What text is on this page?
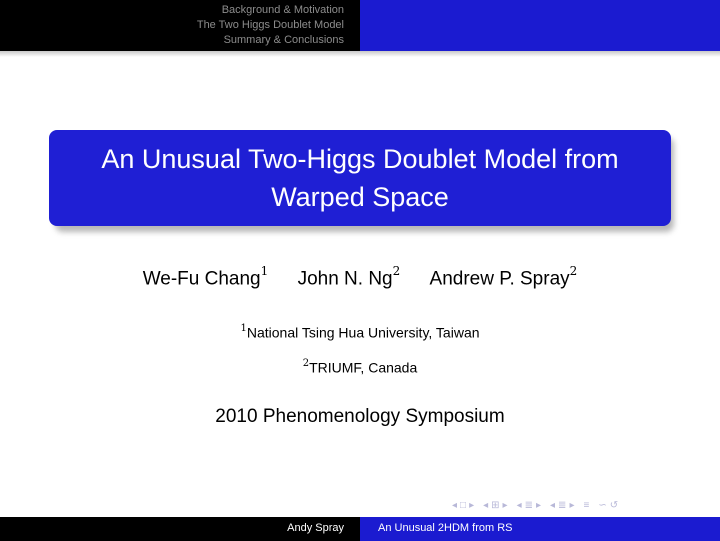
Background & Motivation
The Two Higgs Doublet Model
Summary & Conclusions
An Unusual Two-Higgs Doublet Model from Warped Space
We-Fu Chang$^1$ John N. Ng$^2$ Andrew P. Spray$^2$
$^1$National Tsing Hua University, Taiwan
$^2$TRIUMF, Canada
2010 Phenomenology Symposium
◂ □ ▸ ◂ ⊞ ▸ ◂ ≣ ▸ ◂ ≣ ▸ ≡ ∽ ↺
Andy Spray	An Unusual 2HDM from RS
